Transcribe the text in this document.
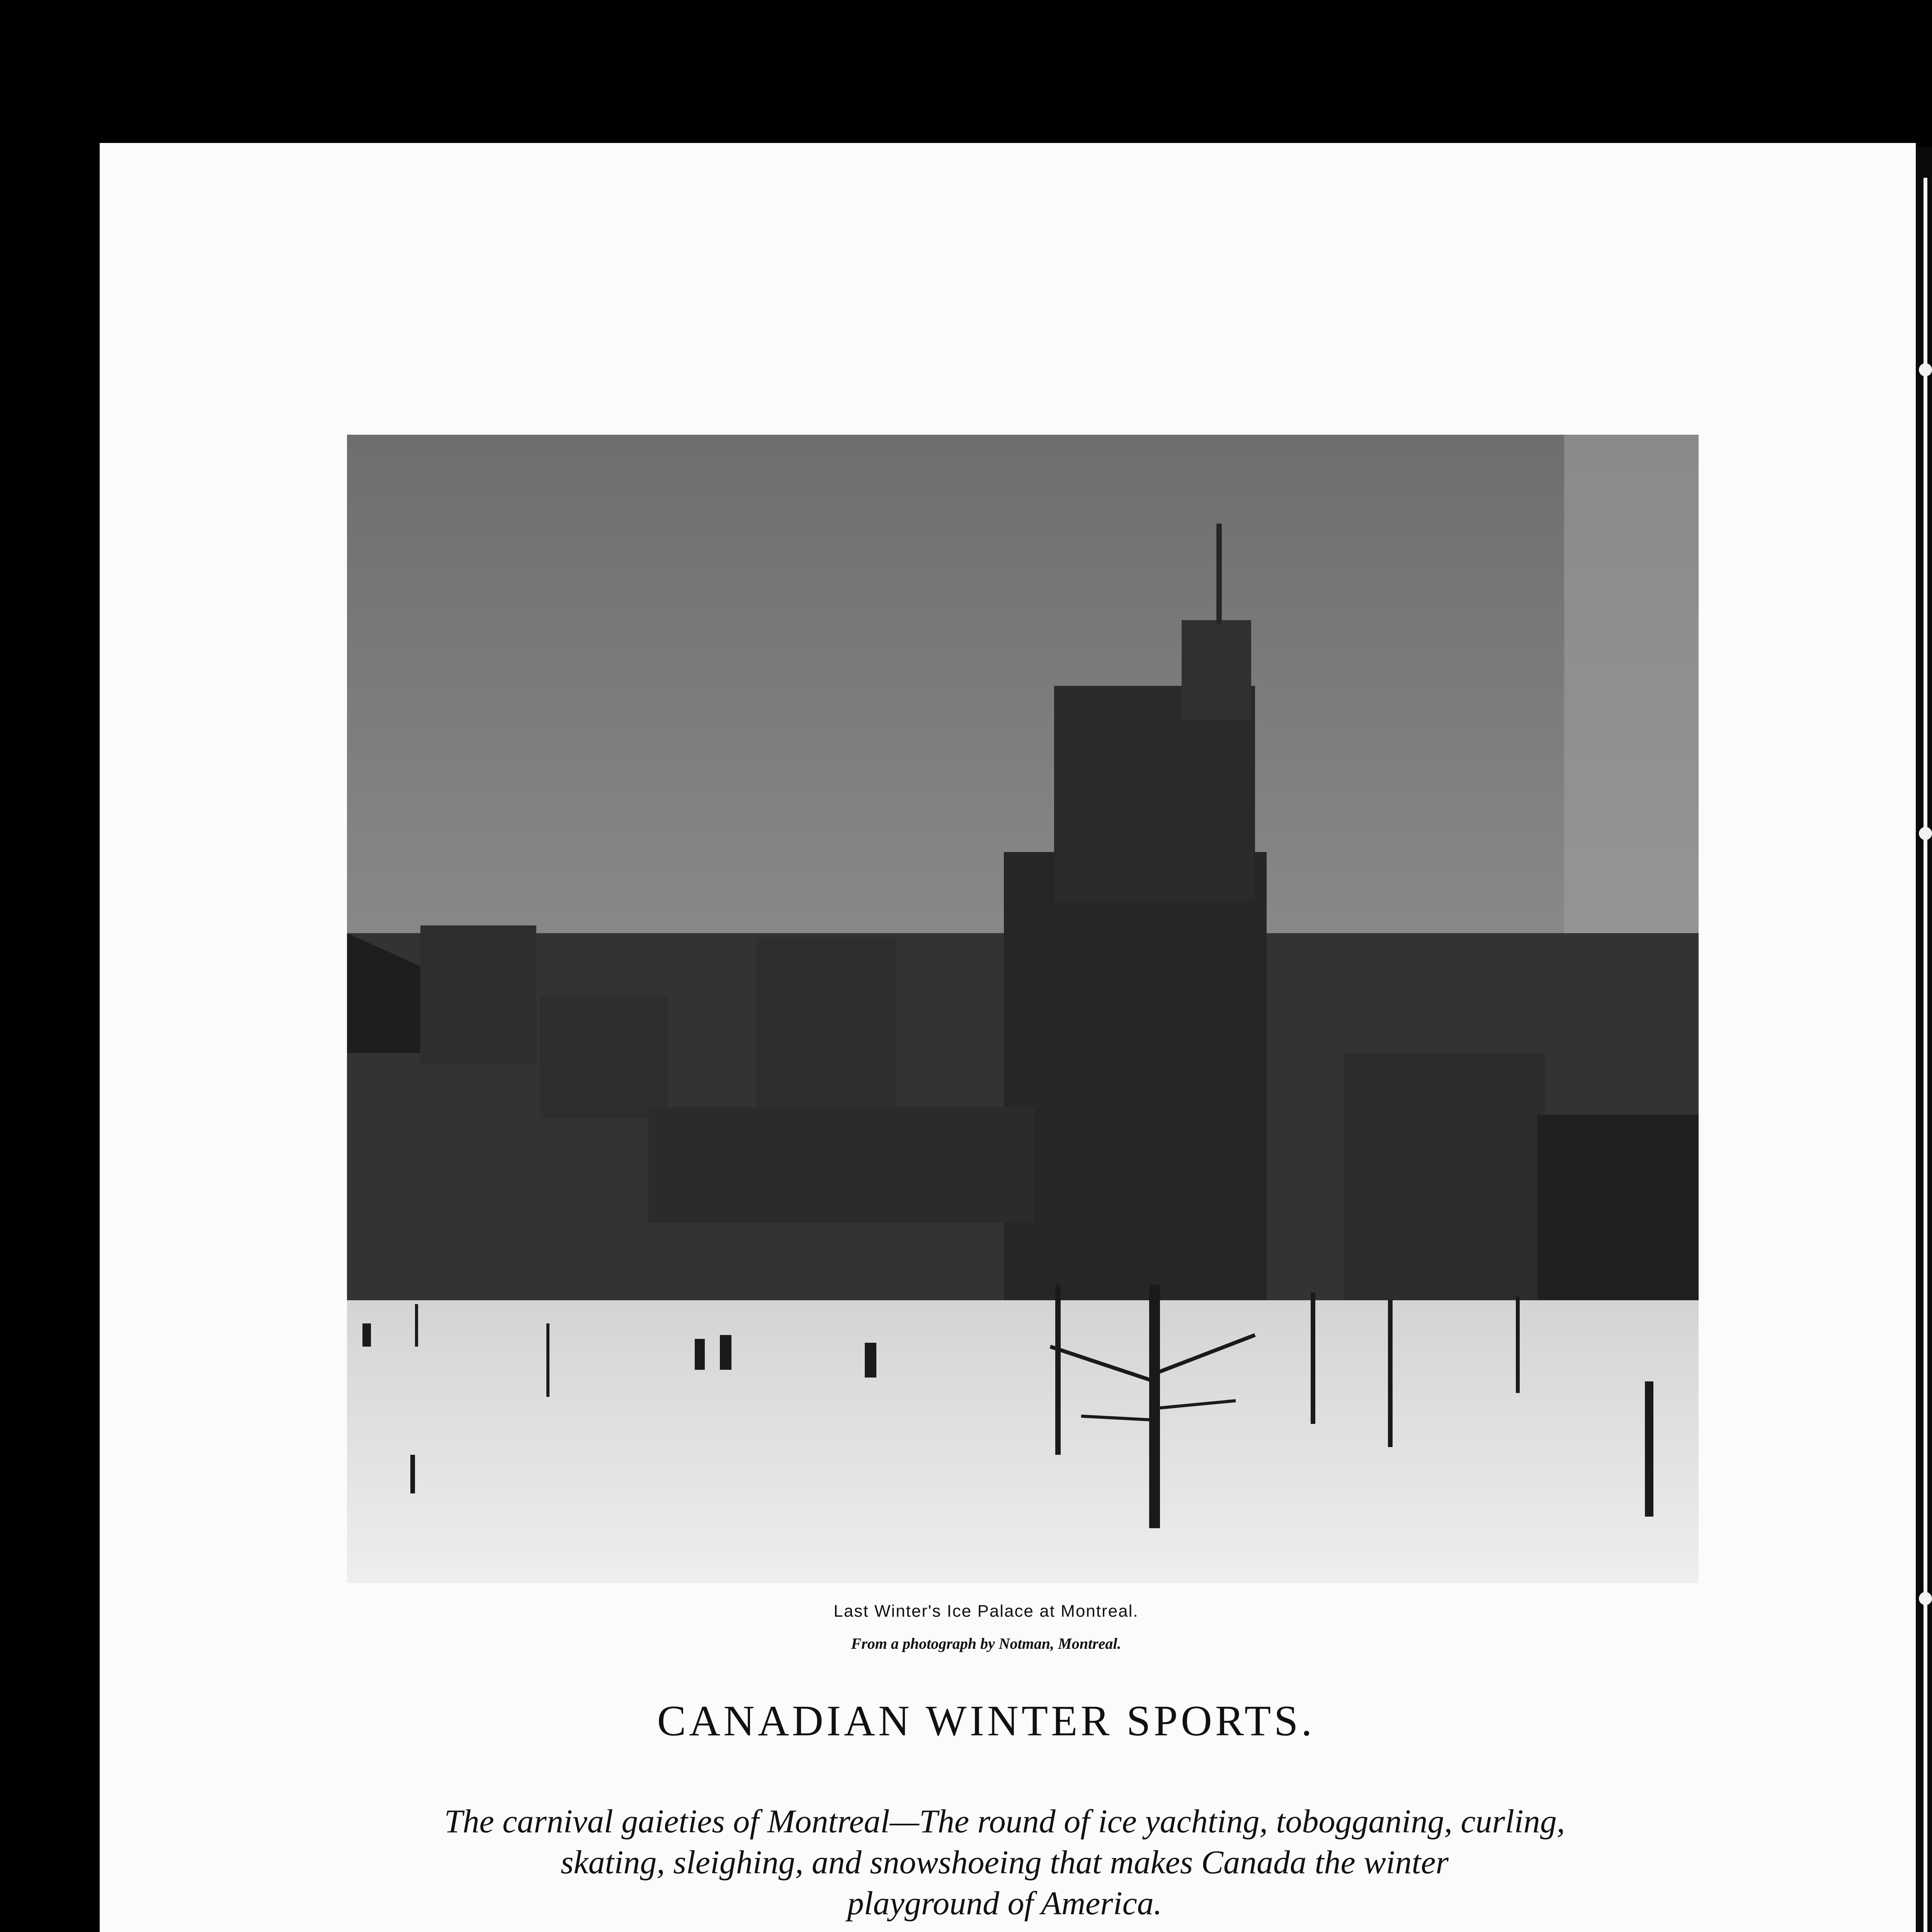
Last Winter's Ice Palace at Montreal.
From a photograph by Notman, Montreal.
CANADIAN WINTER SPORTS.
The carnival gaieties of Montreal—The round of ice yachting, tobogganing, curling,
skating, sleighing, and snowshoeing that makes Canada the winter
playground of America.
